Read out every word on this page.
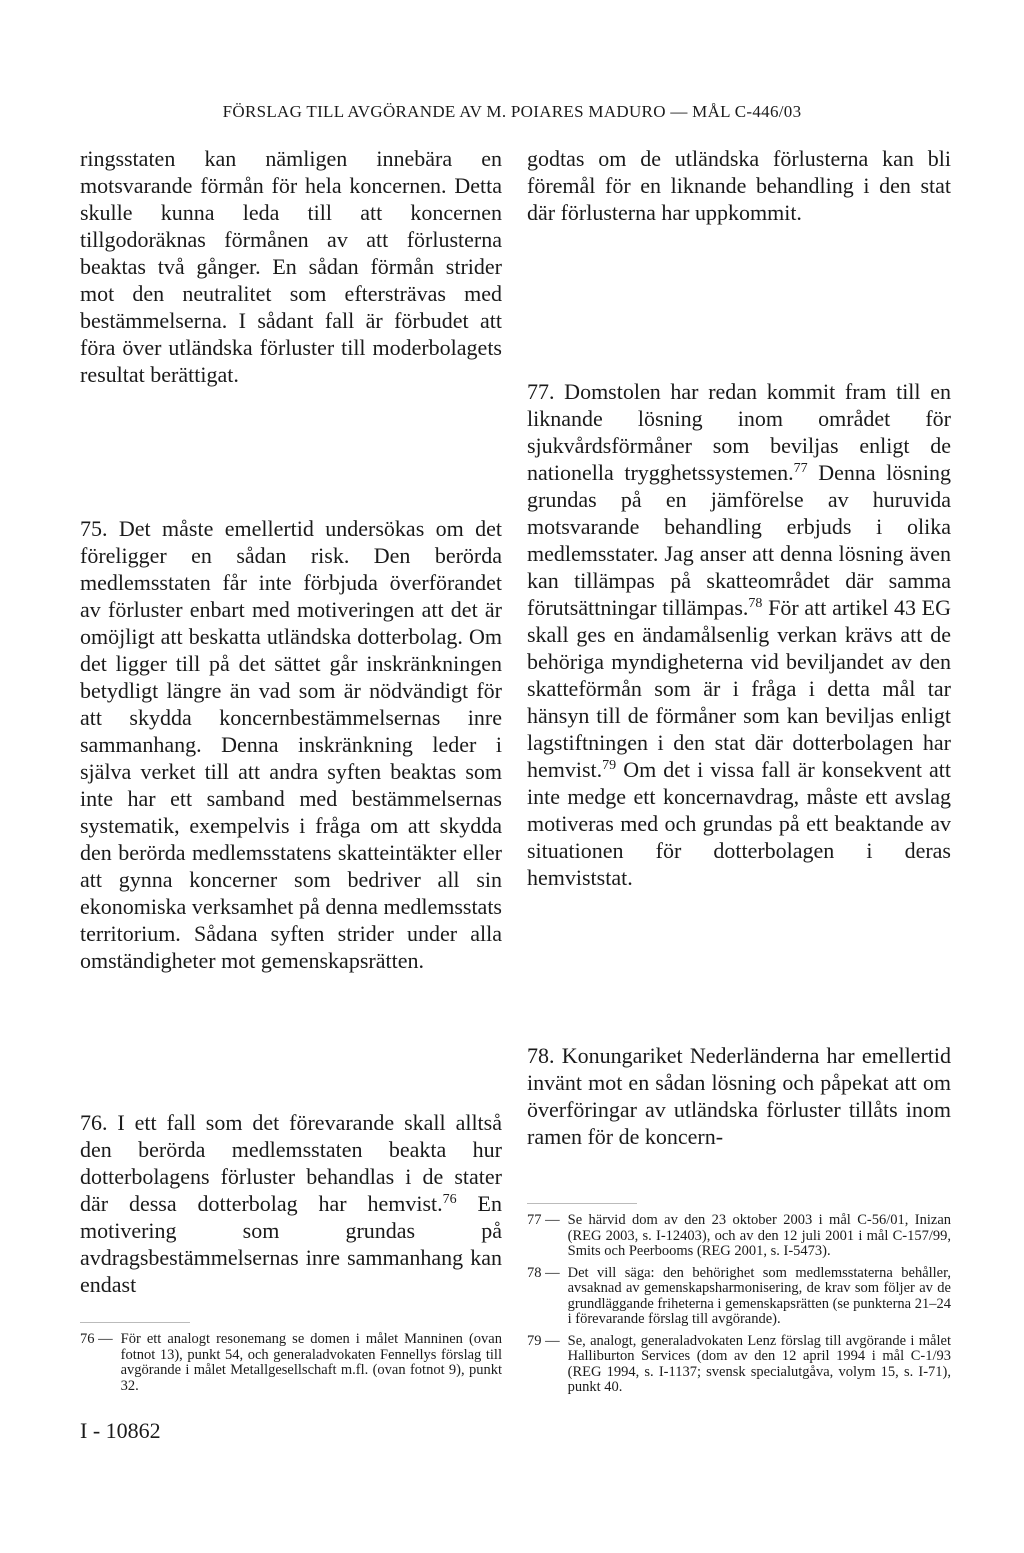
FÖRSLAG TILL AVGÖRANDE AV M. POIARES MADURO — MÅL C-446/03

ringsstaten kan nämligen innebära en motsvarande förmån för hela koncernen. Detta skulle kunna leda till att koncernen tillgodoräknas förmånen av att förlusterna beaktas två gånger. En sådan förmån strider mot den neutralitet som eftersträvas med bestämmelserna. I sådant fall är förbudet att föra över utländska förluster till moderbolagets resultat berättigat.

75. Det måste emellertid undersökas om det föreligger en sådan risk. Den berörda medlemsstaten får inte förbjuda överförandet av förluster enbart med motiveringen att det är omöjligt att beskatta utländska dotterbolag. Om det ligger till på det sättet går inskränkningen betydligt längre än vad som är nödvändigt för att skydda koncernbestämmelsernas inre sammanhang. Denna inskränkning leder i själva verket till att andra syften beaktas som inte har ett samband med bestämmelsernas systematik, exempelvis i fråga om att skydda den berörda medlemsstatens skatteintäkter eller att gynna koncerner som bedriver all sin ekonomiska verksamhet på denna medlemsstats territorium. Sådana syften strider under alla omständigheter mot gemenskapsrätten.

76. I ett fall som det förevarande skall alltså den berörda medlemsstaten beakta hur dotterbolagens förluster behandlas i de stater där dessa dotterbolag har hemvist.$^{76}$ En motivering som grundas på avdragsbestämmelsernas inre sammanhang kan endast

76 — För ett analogt resonemang se domen i målet Manninen (ovan fotnot 13), punkt 54, och generaladvokaten Fennellys förslag till avgörande i målet Metallgesellschaft m.fl. (ovan fotnot 9), punkt 32.
I - 10862

godtas om de utländska förlusterna kan bli föremål för en liknande behandling i den stat där förlusterna har uppkommit.

77. Domstolen har redan kommit fram till en liknande lösning inom området för sjukvårdsförmåner som beviljas enligt de nationella trygghetssystemen.$^{77}$ Denna lösning grundas på en jämförelse av huruvida motsvarande behandling erbjuds i olika medlemsstater. Jag anser att denna lösning även kan tillämpas på skatteområdet där samma förutsättningar tillämpas.$^{78}$ För att artikel 43 EG skall ges en ändamålsenlig verkan krävs att de behöriga myndigheterna vid beviljandet av den skatteförmån som är i fråga i detta mål tar hänsyn till de förmåner som kan beviljas enligt lagstiftningen i den stat där dotterbolagen har hemvist.$^{79}$ Om det i vissa fall är konsekvent att inte medge ett koncernavdrag, måste ett avslag motiveras med och grundas på ett beaktande av situationen för dotterbolagen i deras hemviststat.

78. Konungariket Nederländerna har emellertid invänt mot en sådan lösning och påpekat att om överföringar av utländska förluster tillåts inom ramen för de koncern-

77 — Se härvid dom av den 23 oktober 2003 i mål C-56/01, Inizan (REG 2003, s. I-12403), och av den 12 juli 2001 i mål C-157/99, Smits och Peerbooms (REG 2001, s. I-5473).
78 — Det vill säga: den behörighet som medlemsstaterna behåller, avsaknad av gemenskapsharmonisering, de krav som följer av de grundläggande friheterna i gemenskapsrätten (se punkterna 21–24 i förevarande förslag till avgörande).
79 — Se, analogt, generaladvokaten Lenz förslag till avgörande i målet Halliburton Services (dom av den 12 april 1994 i mål C-1/93 (REG 1994, s. I-1137; svensk specialutgåva, volym 15, s. I-71), punkt 40.
